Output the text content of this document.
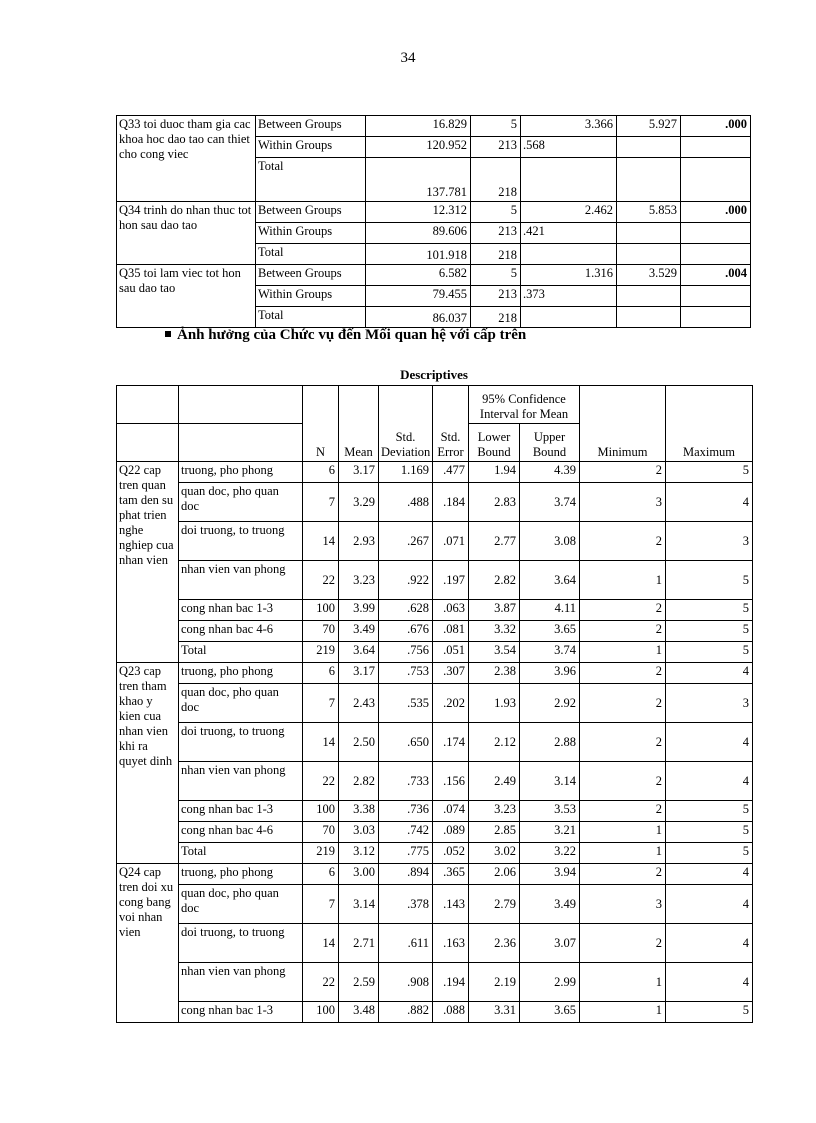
34
Q33 toi duoc tham gia cac khoa hoc dao tao can thiet cho cong viec	Between Groups	16.829	5	3.366	5.927	.000
	Within Groups	120.952	213	.568		
	Total	137.781	218			
Q34 trinh do nhan thuc tot hon sau dao tao	Between Groups	12.312	5	2.462	5.853	.000
	Within Groups	89.606	213	.421		
	Total	101.918	218			
Q35 toi lam viec tot hon sau dao tao	Between Groups	6.582	5	1.316	3.529	.004
	Within Groups	79.455	213	.373		
	Total	86.037	218			
Ảnh hưởng của Chức vụ đến Mối quan hệ với cấp trên
Descriptives
		N	Mean	Std. Deviation	Std. Error	95% Confidence Interval for Mean		Minimum	Maximum
						Lower Bound	Upper Bound		
Q22 cap tren quan tam den su phat trien nghe nghiep cua nhan vien	truong, pho phong	6	3.17	1.169	.477	1.94	4.39	2	5
	quan doc, pho quan doc	7	3.29	.488	.184	2.83	3.74	3	4
	doi truong, to truong	14	2.93	.267	.071	2.77	3.08	2	3
	nhan vien van phong	22	3.23	.922	.197	2.82	3.64	1	5
	cong nhan bac 1-3	100	3.99	.628	.063	3.87	4.11	2	5
	cong nhan bac 4-6	70	3.49	.676	.081	3.32	3.65	2	5
	Total	219	3.64	.756	.051	3.54	3.74	1	5
Q23 cap tren tham khao y kien cua nhan vien khi ra quyet dinh	truong, pho phong	6	3.17	.753	.307	2.38	3.96	2	4
	quan doc, pho quan doc	7	2.43	.535	.202	1.93	2.92	2	3
	doi truong, to truong	14	2.50	.650	.174	2.12	2.88	2	4
	nhan vien van phong	22	2.82	.733	.156	2.49	3.14	2	4
	cong nhan bac 1-3	100	3.38	.736	.074	3.23	3.53	2	5
	cong nhan bac 4-6	70	3.03	.742	.089	2.85	3.21	1	5
	Total	219	3.12	.775	.052	3.02	3.22	1	5
Q24 cap tren doi xu cong bang voi nhan vien	truong, pho phong	6	3.00	.894	.365	2.06	3.94	2	4
	quan doc, pho quan doc	7	3.14	.378	.143	2.79	3.49	3	4
	doi truong, to truong	14	2.71	.611	.163	2.36	3.07	2	4
	nhan vien van phong	22	2.59	.908	.194	2.19	2.99	1	4
	cong nhan bac 1-3	100	3.48	.882	.088	3.31	3.65	1	5
